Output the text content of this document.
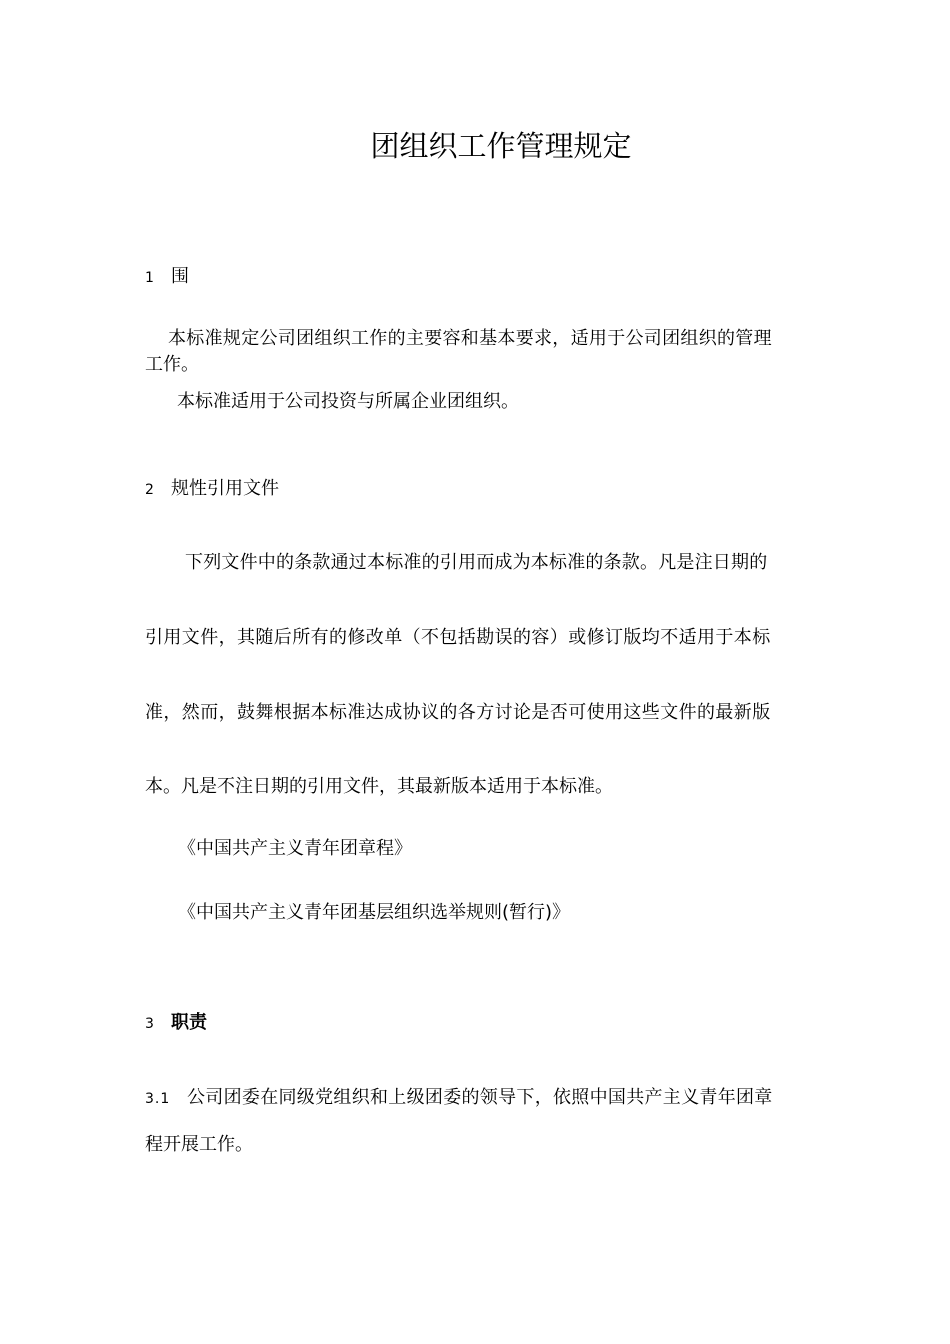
团组织工作管理规定
1 围
本标准规定公司团组织工作的主要容和基本要求，适用于公司团组织的管理
工作。
本标准适用于公司投资与所属企业团组织。
2 规性引用文件
下列文件中的条款通过本标准的引用而成为本标准的条款。凡是注日期的
引用文件，其随后所有的修改单（不包括勘误的容）或修订版均不适用于本标
准，然而，鼓舞根据本标准达成协议的各方讨论是否可使用这些文件的最新版
本。凡是不注日期的引用文件，其最新版本适用于本标准。
《中国共产主义青年团章程》
《中国共产主义青年团基层组织选举规则(暂行)》
3 职责
3.1 公司团委在同级党组织和上级团委的领导下，依照中国共产主义青年团章
程开展工作。
